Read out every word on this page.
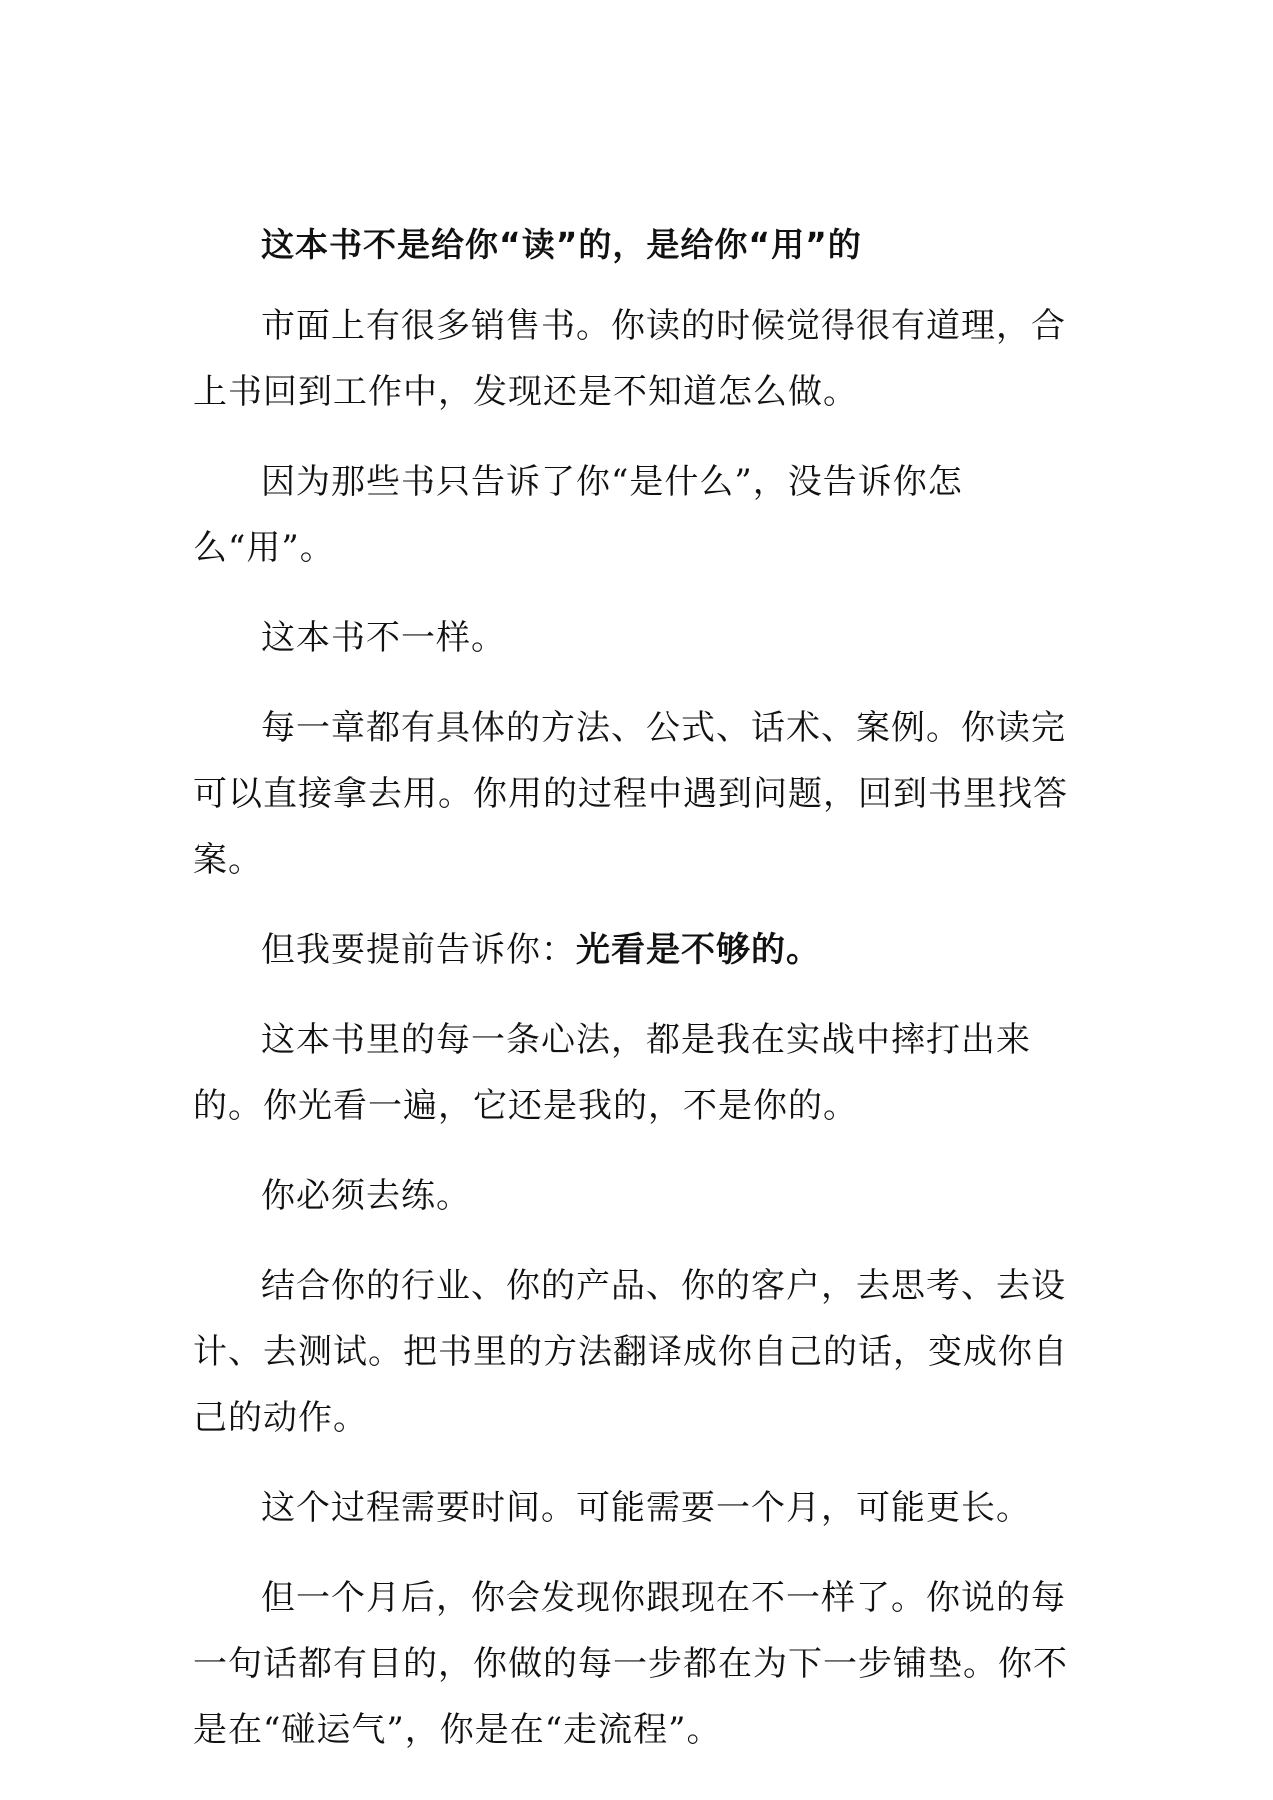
这本书不是给你“读”的，是给你“用”的

市面上有很多销售书。你读的时候觉得很有道理，合上书回到工作中，发现还是不知道怎么做。

因为那些书只告诉了你“是什么”，没告诉你怎么“用”。

这本书不一样。

每一章都有具体的方法、公式、话术、案例。你读完可以直接拿去用。你用的过程中遇到问题，回到书里找答案。

但我要提前告诉你：光看是不够的。

这本书里的每一条心法，都是我在实战中摔打出来的。你光看一遍，它还是我的，不是你的。

你必须去练。

结合你的行业、你的产品、你的客户，去思考、去设计、去测试。把书里的方法翻译成你自己的话，变成你自己的动作。

这个过程需要时间。可能需要一个月，可能更长。

但一个月后，你会发现你跟现在不一样了。你说的每一句话都有目的，你做的每一步都在为下一步铺垫。你不是在“碰运气”，你是在“走流程”。
